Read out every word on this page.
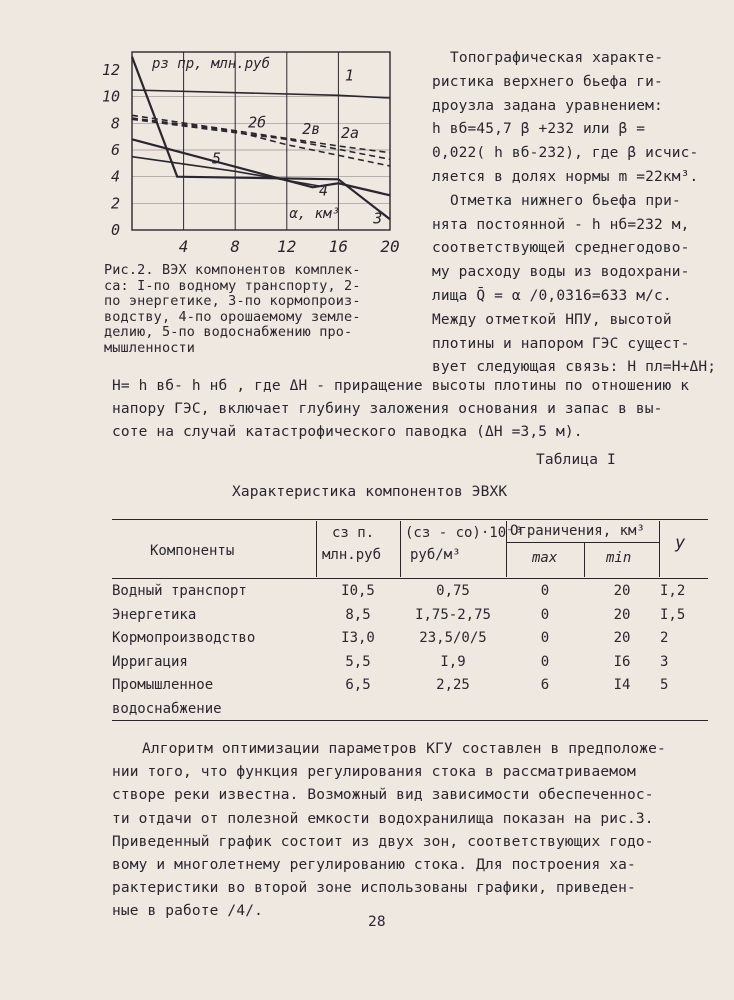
4	8 12 16 20
0
2
4
6
8
10
12 рз пр, млн.руб
α, км³
1
2а
2б 2в
3
4
5
Топографическая характе-
ристика верхнего бьефа ги-
дроузла задана уравнением:
h вб=45,7 β +232 или β =
0,022( h вб-232), где β исчис-
ляется в долях нормы m =22км³.
Отметка нижнего бьефа при-
нята постоянной - h нб=232 м,
соответствующей среднегодово-
му расходу воды из водохрани-
лища Q̄ = α /0,0316=633 м/с.
Между отметкой НПУ, высотой
плотины и напором ГЭС сущест-
вует следующая связь: Н пл=Н+ΔН;
Рис.2. ВЭХ компонентов комплек-
са: I-по водному транспорту, 2-
по энергетике, 3-по кормопроиз-
водству, 4-по орошаемому земле-
делию, 5-по водоснабжению про-
мышленности
Н= h вб- h нб , где ΔН - приращение высоты плотины по отношению к
напору ГЭС, включает глубину заложения основания и запас в вы-
соте на случай катастрофического паводка (ΔН =3,5 м).
Таблица I
Характеристика компонентов ЭВХК
Компоненты
сз п.
млн.руб
(сз - со)·10⁻³
руб/м³
Ограничения, км³
max	min
у
Водный транспорт	I0,5	0,75	0	20	I,2
Энергетика	8,5	I,75-2,75	0	20	I,5
Кормопроизводство	I3,0	23,5/0/5	0	20	2
Ирригация	5,5	I,9	0	I6	3
Промышленное	6,5	2,25	6	I4	5
водоснабжение
Алгоритм оптимизации параметров КГУ составлен в предположе-
нии того, что функция регулирования стока в рассматриваемом
створе реки известна. Возможный вид зависимости обеспеченнос-
ти отдачи от полезной емкости водохранилища показан на рис.3.
Приведенный график состоит из двух зон, соответствующих годо-
вому и многолетнему регулированию стока. Для построения ха-
рактеристики во второй зоне использованы графики, приведен-
ные в работе /4/.
28
